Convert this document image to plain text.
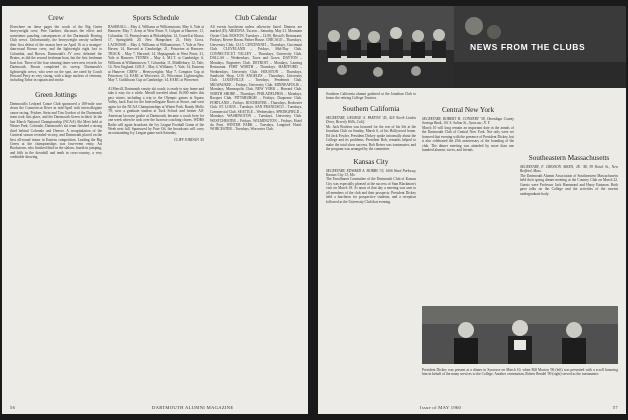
Crew

Elsewhere on these pages the coach of the Big Green heavyweight crew, Pete Gardner, discusses the effect and sometimes puzzling consequences of the Dartmouth Rowing Club crews. Unfortunately, the heavyweight varsity suffered their first defeat of the season here on April 16 at a stronger-than-usual Brown crew, and the lightweight eight lost to Columbia, and Brown. Dartmouth's JV crew defeated the Bruins, as did the second freshman boat, but the first freshman boat lost. Three of the four winning times were new records for Dartmouth. Brown completed its sweep. Dartmouth's lightweight crews, who were on the spot, are rated by Coach Howard Perry as very strong, with a large nucleus of veterans, including Tabor in captain and stroke.

Green Jottings

Dartmouth's Ledyard Canoe Club sponsored a 108-mile race down the Connecticut River in mid-April with intercollegiate canoe racing. Frisbee, Stein and Tim Gordon of the Dartmouth team took first place, and the Dartmouth Green in third. In the late March National Championship (NCAA) Ski Meet held at Winter Park, Colorado, Dartmouth's ski team finished a strong third behind Colorado and Denver. A recapitulation of the Carnival season revealed victory, and Dartmouth placed on the best all-round teams in Eastern competition. Leading the Big Green at the championships was four-event entry, Art Bookstrom, who finished third in the slalom, fourth in jumping, and fifth in the downhill and tenth in cross-country, a very creditable showing.

Sports Schedule

BASEBALL – May 4, Williams at Williamstown; May 6, Yale at Hanover; May 7, Army at West Point; 9, Colgate at Hanover; 11, Columbia; 13, Pennsylvania at Philadelphia; 14, Cornell at Ithaca; 17, Springfield; 20, New Hampshire; 21, Holy Cross. LACROSSE – May 4, Williams at Williamstown; 7, Yale at New Haven; 14, Harvard at Cambridge; 21, Princeton at Hanover. TRACK – May 7, Harvard; 14, Heptagonals at West Point; 21, Yale at Hanover. TENNIS – May 4, M.I.T. at Cambridge; 6, Williams at Williamstown; 7, Columbia; 11, Middlebury; 12, Yale; 14, New England. GOLF – May 4, Williams; 7, Yale; 14, Easterns at Hanover. CREW – Heavyweights: May 7, Compton Cup at Princeton; 14, EARC at Worcester; 21, Wisconsin. Lightweights: May 7, Goldthwait Cup at Cambridge; 14, EARC at Worcester.

Al Merrill, Dartmouth varsity ski coach, is ready to stay home and take it easy for a while. Merrill traveled about 16,000 miles this past winter, including a trip to the Olympic games at Squaw Valley, back East for the Intercollegiate Races at Stowe, and west again for the NCAA Championships at Winter Park. Randy Mollo '59, now a graduate student at Tuck School and former All-American lacrosse goalie at Dartmouth, became a coach here for one week when he took over the lacrosse coaching chores. WDBS Radio will again broadcast the Ivy League Football Game of the Week next fall. Sponsored by Pure Oil, the broadcasts will carry an outstanding Ivy League game each Saturday.

CLIFF JORDAN '45
Club Calendar

All events luncheons unless otherwise listed. Dinners are marked (D). ARIZONA, Tucson – Saturday, May 21, Mountain Oyster Club. BOSTON, Tuesdays – 12:00, Bristol's Restaurant; Fridays, Revere Room, Parker House. CHICAGO – Thursdays, University Club, 12:15. CINCINNATI – Thursdays, Cincinnati Club. CLEVELAND – Fridays, Mid-Day Club. CONNECTICUT VALLEY – Thursdays, University Club. DALLAS – Wednesdays, Town and Gown. DAYTON – Mondays, Engineers Club. DETROIT – Mondays, Lansing Restaurant. FORT WORTH – Thursdays. HARTFORD – Wednesdays, University Club. HOUSTON – Thursdays, Sandwich Shop. LOS ANGELES – Thursdays, University Club. LOUISVILLE – Tuesdays, Pendennis Club. MILWAUKEE – Fridays, University Club. MINNEAPOLIS – Mondays, Minneapolis Club. NEW YORK – Harvard Club. NORTH SHORE – Thursdays. PHILADELPHIA – Mondays, Racquet Club. PITTSBURGH – Fridays, Duquesne Club. PORTLAND – Fridays. ROCHESTER – Thursdays, Rochester Club. ST. LOUIS – Tuesdays. SAN FRANCISCO – Tuesdays, Commercial Club. SEATTLE – Wednesdays. SPRINGFIELD – Mondays. WASHINGTON – Tuesdays, University Club. WESTCHESTER – Fridays. WILMINGTON – Fridays, Hotel du Pont. WINTER PARK – Tuesdays, Langford Hotel. WORCESTER – Tuesdays, Worcester Club.

56	DARTMOUTH ALUMNI MAGAZINE
NEWS FROM THE CLUBS

Southern California alumni gathered at the Jonathan Club to honor the retiring College Trustees.

Southern California

SECRETARY, GEORGE A. PARTON '45, 418 North Linden Drive, Beverly Hills, Calif.

Mr. Jack Brodeur was honored for the rest of his life at the Jonathan Club on Sunday, March 6, of his Hollywood home. Ed Jack Fowler, President Dickey spoke informally about the College and its problems. President Bob, remarks helped to make the total show success. Bob Reiser was toastmaster, and the program was arranged by the committee.

Kansas City

SECRETARY, EDWARD A. HOBBS '33, 1606 Ward Parkway, Kansas City 13, Mo.

The Enrollment Committee of the Dartmouth Club of Kansas City was especially pleased at the success of Stan Blackmon's visit on March 18. At noon of that day a meeting was sent to all members of the club and their prospects. President Dickey held a luncheon for prospective students, and a reception followed at the University Club that evening.

Central New York

SECRETARY, ROBERT H. CONNERY '38, Onondaga County Savings Bank, 101 S. Salina St., Syracuse, N. Y.

March 10 will long remain an important date in the annals of the Dartmouth Club of Central New York. Not only were we honored that evening with the presence of President Dickey, but it also celebrated the 25th anniversary of the founding of the club. The dinner meeting was attended by more than one hundred alumni, wives, and friends.

Southeastern Massachusetts

SECRETARY, F. CRESSON AIKEN, JR. '48, 99 Rotch St., New Bedford, Mass.

The Dartmouth Alumni Association of Southeastern Massachusetts held their spring dinner meeting at the Country Club on March 22. Guests were Professor Jack Hammond and Harry Eastman. Both gave talks on the College and the activities of the current undergraduate body.

President Dickey was present at a dinner in Syracuse on March 10, when Bill Morton '06 (left) was presented with a scroll honoring him in behalf of the many services to the College. Another centenarian, Robert Bendel '09 (right) served as the toastmaster.
Issue of MAY 1960	57
